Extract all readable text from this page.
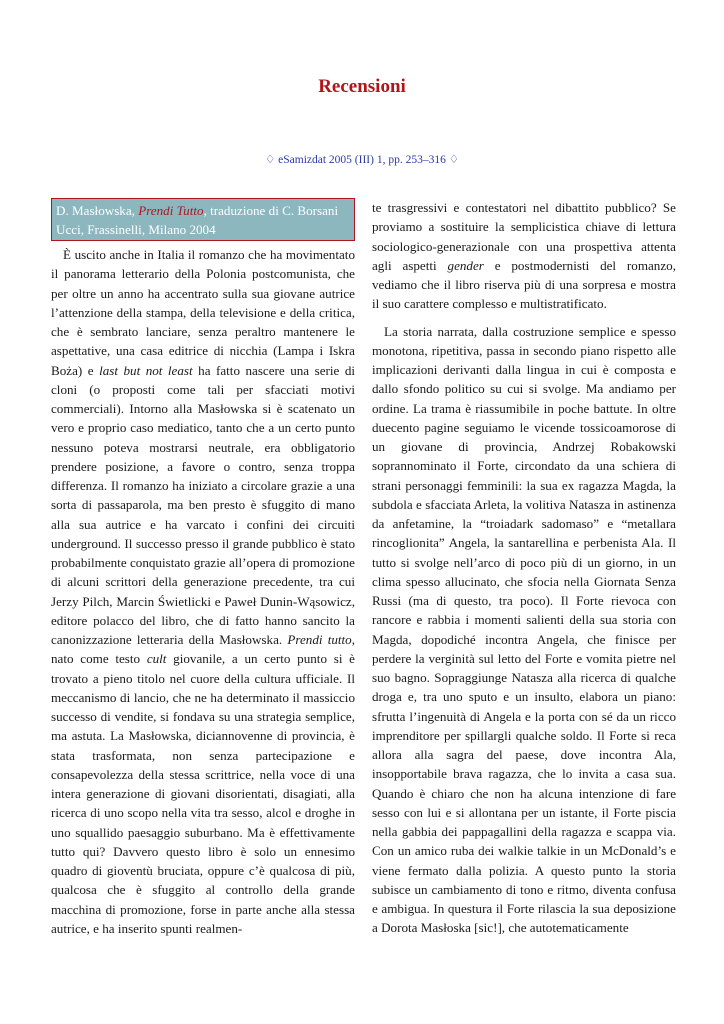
Recensioni
♢ eSamizdat 2005 (III) 1, pp. 253–316 ♢
D. Masłowska, Prendi Tutto, traduzione di C. Borsani Ucci, Frassinelli, Milano 2004

È uscito anche in Italia il romanzo che ha movimentato il panorama letterario della Polonia postcomunista, che per oltre un anno ha accentrato sulla sua giovane autrice l’attenzione della stampa, della televisione e della critica, che è sembrato lanciare, senza peraltro mantenere le aspettative, una casa editrice di nicchia (Lampa i Iskra Boża) e last but not least ha fatto nascere una serie di cloni (o proposti come tali per sfacciati motivi commerciali). Intorno alla Masłowska si è scatenato un vero e proprio caso mediatico, tanto che a un certo punto nessuno poteva mostrarsi neutrale, era obbligatorio prendere posizione, a favore o contro, senza troppa differenza. Il romanzo ha iniziato a circolare grazie a una sorta di passaparola, ma ben presto è sfuggito di mano alla sua autrice e ha varcato i confini dei circuiti underground. Il successo presso il grande pubblico è stato probabilmente conquistato grazie all’opera di promozione di alcuni scrittori della generazione precedente, tra cui Jerzy Pilch, Marcin Świetlicki e Paweł Dunin-Wąsowicz, editore polacco del libro, che di fatto hanno sancito la canonizzazione letteraria della Masłowska. Prendi tutto, nato come testo cult giovanile, a un certo punto si è trovato a pieno titolo nel cuore della cultura ufficiale. Il meccanismo di lancio, che ne ha determinato il massiccio successo di vendite, si fondava su una strategia semplice, ma astuta. La Masłowska, diciannovenne di provincia, è stata trasformata, non senza partecipazione e consapevolezza della stessa scrittrice, nella voce di una intera generazione di giovani disorientati, disagiati, alla ricerca di uno scopo nella vita tra sesso, alcol e droghe in uno squallido paesaggio suburbano. Ma è effettivamente tutto qui? Davvero questo libro è solo un ennesimo quadro di gioventù bruciata, oppure c’è qualcosa di più, qualcosa che è sfuggito al controllo della grande macchina di promozione, forse in parte anche alla stessa autrice, e ha inserito spunti realmen-

te trasgressivi e contestatori nel dibattito pubblico? Se proviamo a sostituire la semplicistica chiave di lettura sociologico-generazionale con una prospettiva attenta agli aspetti gender e postmodernisti del romanzo, vediamo che il libro riserva più di una sorpresa e mostra il suo carattere complesso e multistratificato.

La storia narrata, dalla costruzione semplice e spesso monotona, ripetitiva, passa in secondo piano rispetto alle implicazioni derivanti dalla lingua in cui è composta e dallo sfondo politico su cui si svolge. Ma andiamo per ordine. La trama è riassumibile in poche battute. In oltre duecento pagine seguiamo le vicende tossicoamorose di un giovane di provincia, Andrzej Robakowski soprannominato il Forte, circondato da una schiera di strani personaggi femminili: la sua ex ragazza Magda, la subdola e sfacciata Arleta, la volitiva Natasza in astinenza da anfetamine, la “troiadark sadomaso” e “metallara rincoglionita” Angela, la santarellina e perbenista Ala. Il tutto si svolge nell’arco di poco più di un giorno, in un clima spesso allucinato, che sfocia nella Giornata Senza Russi (ma di questo, tra poco). Il Forte rievoca con rancore e rabbia i momenti salienti della sua storia con Magda, dopodiché incontra Angela, che finisce per perdere la verginità sul letto del Forte e vomita pietre nel suo bagno. Sopraggiunge Natasza alla ricerca di qualche droga e, tra uno sputo e un insulto, elabora un piano: sfrutta l’ingenuità di Angela e la porta con sé da un ricco imprenditore per spillargli qualche soldo. Il Forte si reca allora alla sagra del paese, dove incontra Ala, insopportabile brava ragazza, che lo invita a casa sua. Quando è chiaro che non ha alcuna intenzione di fare sesso con lui e si allontana per un istante, il Forte piscia nella gabbia dei pappagallini della ragazza e scappa via. Con un amico ruba dei walkie talkie in un McDonald’s e viene fermato dalla polizia. A questo punto la storia subisce un cambiamento di tono e ritmo, diventa confusa e ambigua. In questura il Forte rilascia la sua deposizione a Dorota Masłoska [sic!], che autotematicamente
